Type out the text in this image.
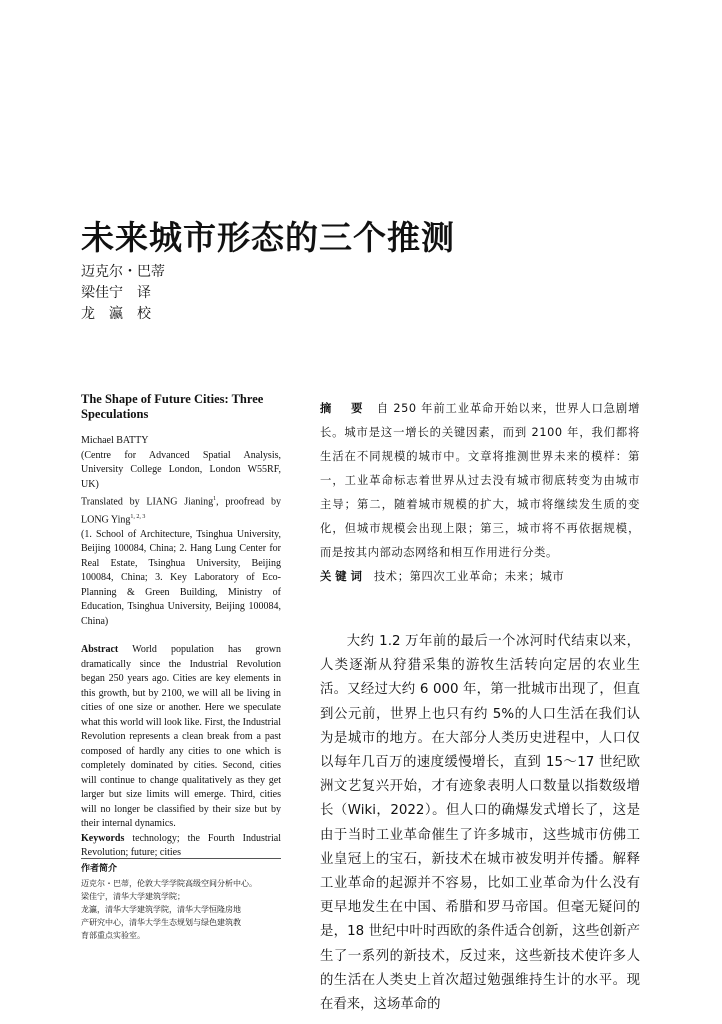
未来城市形态的三个推测
迈克尔・巴蒂
梁佳宁　译
龙　瀛　校
The Shape of Future Cities: Three Speculations

Michael BATTY

(Centre for Advanced Spatial Analysis, University College London, London W55RF, UK)

Translated by LIANG Jianing$^1$, proofread by LONG Ying$^{1, 2, 3}$

(1. School of Architecture, Tsinghua University, Beijing 100084, China; 2. Hang Lung Center for Real Estate, Tsinghua University, Beijing 100084, China; 3. Key Laboratory of Eco-Planning & Green Building, Ministry of Education, Tsinghua University, Beijing 100084, China)

Abstract World population has grown dramatically since the Industrial Revolution began 250 years ago. Cities are key elements in this growth, but by 2100, we will all be living in cities of one size or another. Here we speculate what this world will look like. First, the Industrial Revolution represents a clean break from a past composed of hardly any cities to one which is completely dominated by cities. Second, cities will continue to change qualitatively as they get larger but size limits will emerge. Third, cities will no longer be classified by their size but by their internal dynamics.

Keywords technology; the Fourth Industrial Revolution; future; cities

作者简介
迈克尔・巴蒂，伦敦大学学院高级空间分析中心。
梁佳宁，清华大学建筑学院；
龙瀛，清华大学建筑学院，清华大学恒隆房地
产研究中心，清华大学生态规划与绿色建筑教
育部重点实验室。
摘　要 自 250 年前工业革命开始以来，世界人口急剧增长。城市是这一增长的关键因素，而到 2100 年，我们都将生活在不同规模的城市中。文章将推测世界未来的模样：第一，工业革命标志着世界从过去没有城市彻底转变为由城市主导；第二，随着城市规模的扩大，城市将继续发生质的变化，但城市规模会出现上限；第三，城市将不再依据规模，而是按其内部动态网络和相互作用进行分类。
关键词 技术；第四次工业革命；未来；城市

大约 1.2 万年前的最后一个冰河时代结束以来，人类逐渐从狩猎采集的游牧生活转向定居的农业生活。又经过大约 6 000 年，第一批城市出现了，但直到公元前，世界上也只有约 5%的人口生活在我们认为是城市的地方。在大部分人类历史进程中，人口仅以每年几百万的速度缓慢增长，直到 15～17 世纪欧洲文艺复兴开始，才有迹象表明人口数量以指数级增长（Wiki，2022）。但人口的确爆发式增长了，这是由于当时工业革命催生了许多城市，这些城市仿佛工业皇冠上的宝石，新技术在城市被发明并传播。解释工业革命的起源并不容易，比如工业革命为什么没有更早地发生在中国、希腊和罗马帝国。但毫无疑问的是，18 世纪中叶时西欧的条件适合创新，这些创新产生了一系列的新技术，反过来，这些新技术使许多人的生活在人类史上首次超过勉强维持生计的水平。现在看来，这场革命的
